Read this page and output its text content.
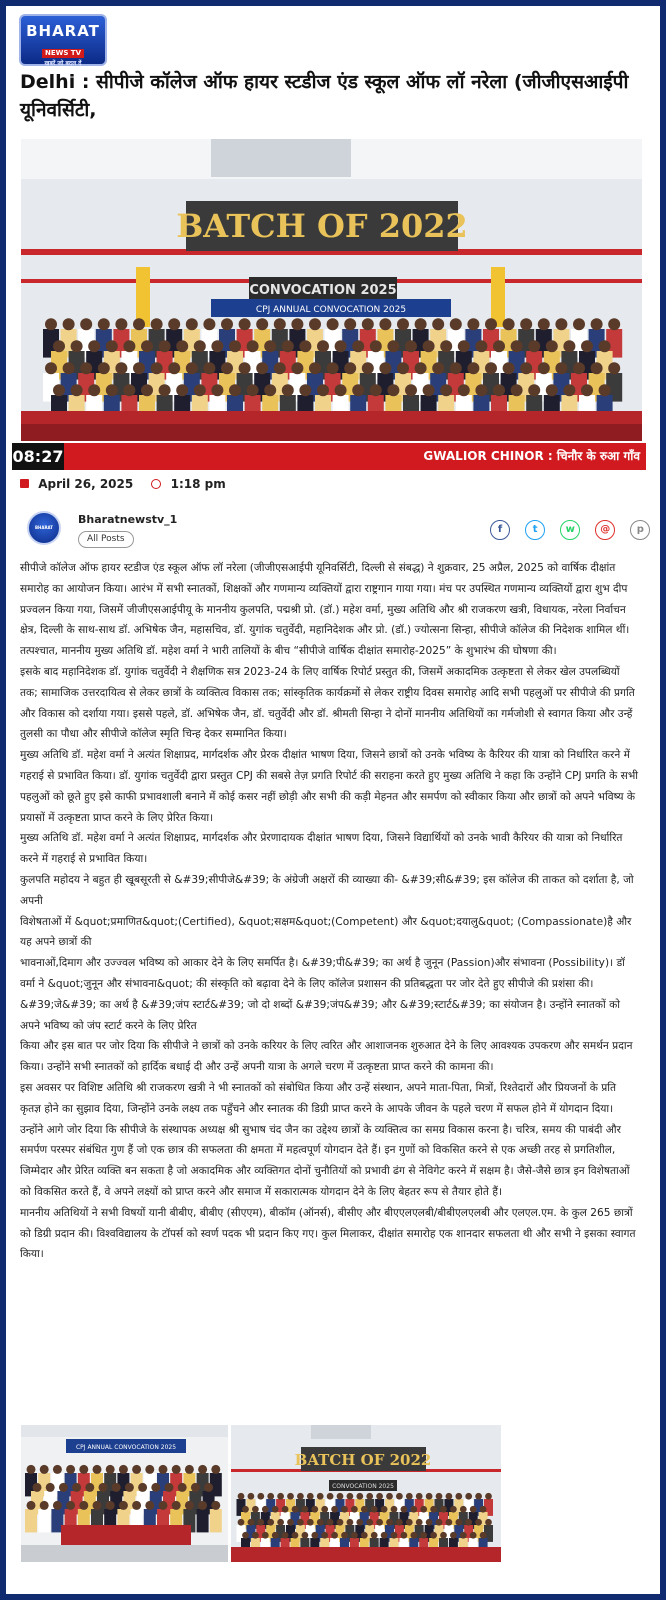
BHARAT
NEWS TV
खबरें जो बदल दें
Delhi : सीपीजे कॉलेज ऑफ हायर स्टडीज एंड स्कूल ऑफ लॉ नरेला (जीजीएसआईपी यूनिवर्सिटी,
BATCH OF 2022
CONVOCATION 2025
CPJ ANNUAL CONVOCATION 2025
08:27	GWALIOR CHINOR : चिनौर के रुआ गाँव
April 26, 2025	1:18 pm
BHARAT NEWS TV
Bharatnewstv_1
All Posts
f	t	w	@	p

सीपीजे कॉलेज ऑफ हायर स्टडीज एंड स्कूल ऑफ लॉ नरेला (जीजीएसआईपी यूनिवर्सिटी, दिल्ली से संबद्ध) ने शुक्रवार, 25 अप्रैल, 2025 को वार्षिक दीक्षांत समारोह का आयोजन किया। आरंभ में सभी स्नातकों, शिक्षकों और गणमान्य व्यक्तियों द्वारा राष्ट्रगान गाया गया। मंच पर उपस्थित गणमान्य व्यक्तियों द्वारा शुभ दीप प्रज्वलन किया गया, जिसमें जीजीएसआईपीयू के माननीय कुलपति, पद्मश्री प्रो. (डॉ.) महेश वर्मा, मुख्य अतिथि और श्री राजकरण खत्री, विधायक, नरेला निर्वाचन क्षेत्र, दिल्ली के साथ-साथ डॉ. अभिषेक जैन, महासचिव, डॉ. युगांक चतुर्वेदी, महानिदेशक और प्रो. (डॉ.) ज्योत्सना सिन्हा, सीपीजे कॉलेज की निदेशक शामिल थीं।

तत्पश्चात, माननीय मुख्य अतिथि डॉ. महेश वर्मा ने भारी तालियों के बीच “सीपीजे वार्षिक दीक्षांत समारोह-2025” के शुभारंभ की घोषणा की।

इसके बाद महानिदेशक डॉ. युगांक चतुर्वेदी ने शैक्षणिक सत्र 2023-24 के लिए वार्षिक रिपोर्ट प्रस्तुत की, जिसमें अकादमिक उत्कृष्टता से लेकर खेल उपलब्धियों तक; सामाजिक उत्तरदायित्व से लेकर छात्रों के व्यक्तित्व विकास तक; सांस्कृतिक कार्यक्रमों से लेकर राष्ट्रीय दिवस समारोह आदि सभी पहलुओं पर सीपीजे की प्रगति और विकास को दर्शाया गया। इससे पहले, डॉ. अभिषेक जैन, डॉ. चतुर्वेदी और डॉ. श्रीमती सिन्हा ने दोनों माननीय अतिथियों का गर्मजोशी से स्वागत किया और उन्हें तुलसी का पौधा और सीपीजे कॉलेज स्मृति चिन्ह देकर सम्मानित किया।

मुख्य अतिथि डॉ. महेश वर्मा ने अत्यंत शिक्षाप्रद, मार्गदर्शक और प्रेरक दीक्षांत भाषण दिया, जिसने छात्रों को उनके भविष्य के कैरियर की यात्रा को निर्धारित करने में गहराई से प्रभावित किया। डॉ. युगांक चतुर्वेदी द्वारा प्रस्तुत CPJ की सबसे तेज़ प्रगति रिपोर्ट की सराहना करते हुए मुख्य अतिथि ने कहा कि उन्होंने CPJ प्रगति के सभी पहलुओं को छूते हुए इसे काफी प्रभावशाली बनाने में कोई कसर नहीं छोड़ी और सभी की कड़ी मेहनत और समर्पण को स्वीकार किया और छात्रों को अपने भविष्य के प्रयासों में उत्कृष्टता प्राप्त करने के लिए प्रेरित किया।

मुख्य अतिथि डॉ. महेश वर्मा ने अत्यंत शिक्षाप्रद, मार्गदर्शक और प्रेरणादायक दीक्षांत भाषण दिया, जिसने विद्यार्थियों को उनके भावी कैरियर की यात्रा को निर्धारित करने में गहराई से प्रभावित किया।

कुलपति महोदय ने बहुत ही खूबसूरती से &#39;सीपीजे&#39; के अंग्रेजी अक्षरों की व्याख्या की- &#39;सी&#39; इस कॉलेज की ताकत को दर्शाता है, जो अपनी

विशेषताओं में &quot;प्रमाणित&quot;(Certified), &quot;सक्षम&quot;(Competent) और &quot;दयालु&quot; (Compassionate)है और यह अपने छात्रों की

भावनाओं,दिमाग और उज्ज्वल भविष्य को आकार देने के लिए समर्पित है। &#39;पी&#39; का अर्थ है जुनून (Passion)और संभावना (Possibility)। डॉ वर्मा ने &quot;जुनून और संभावना&quot; की संस्कृति को बढ़ावा देने के लिए कॉलेज प्रशासन की प्रतिबद्धता पर जोर देते हुए सीपीजे की प्रशंसा की।

&#39;जे&#39; का अर्थ है &#39;जंप स्टार्ट&#39; जो दो शब्दों &#39;जंप&#39; और &#39;स्टार्ट&#39; का संयोजन है। उन्होंने स्नातकों को अपने भविष्य को जंप स्टार्ट करने के लिए प्रेरित

किया और इस बात पर जोर दिया कि सीपीजे ने छात्रों को उनके करियर के लिए त्वरित और आशाजनक शुरुआत देने के लिए आवश्यक उपकरण और समर्थन प्रदान किया। उन्होंने सभी स्नातकों को हार्दिक बधाई दी और उन्हें अपनी यात्रा के अगले चरण में उत्कृष्टता प्राप्त करने की कामना की।

इस अवसर पर विशिष्ट अतिथि श्री राजकरण खत्री ने भी स्नातकों को संबोधित किया और उन्हें संस्थान, अपने माता-पिता, मित्रों, रिश्तेदारों और प्रियजनों के प्रति कृतज्ञ होने का सुझाव दिया, जिन्होंने उनके लक्ष्य तक पहुँचने और स्नातक की डिग्री प्राप्त करने के आपके जीवन के पहले चरण में सफल होने में योगदान दिया। उन्होंने आगे जोर दिया कि सीपीजे के संस्थापक अध्यक्ष श्री सुभाष चंद जैन का उद्देश्य छात्रों के व्यक्तित्व का समग्र विकास करना है। चरित्र, समय की पाबंदी और समर्पण परस्पर संबंधित गुण हैं जो एक छात्र की सफलता की क्षमता में महत्वपूर्ण योगदान देते हैं। इन गुणों को विकसित करने से एक अच्छी तरह से प्रगतिशील, जिम्मेदार और प्रेरित व्यक्ति बन सकता है जो अकादमिक और व्यक्तिगत दोनों चुनौतियों को प्रभावी ढंग से नेविगेट करने में सक्षम है। जैसे-जैसे छात्र इन विशेषताओं को विकसित करते हैं, वे अपने लक्ष्यों को प्राप्त करने और समाज में सकारात्मक योगदान देने के लिए बेहतर रूप से तैयार होते हैं।

माननीय अतिथियों ने सभी विषयों यानी बीबीए, बीबीए (सीएएम), बीकॉम (ऑनर्स), बीसीए और बीएएलएलबी/बीबीएलएलबी और एलएल.एम. के कुल 265 छात्रों को डिग्री प्रदान की। विश्वविद्यालय के टॉपर्स को स्वर्ण पदक भी प्रदान किए गए। कुल मिलाकर, दीक्षांत समारोह एक शानदार सफलता थी और सभी ने इसका स्वागत किया।

CPJ ANNUAL CONVOCATION 2025
BATCH OF 2022
CONVOCATION 2025
